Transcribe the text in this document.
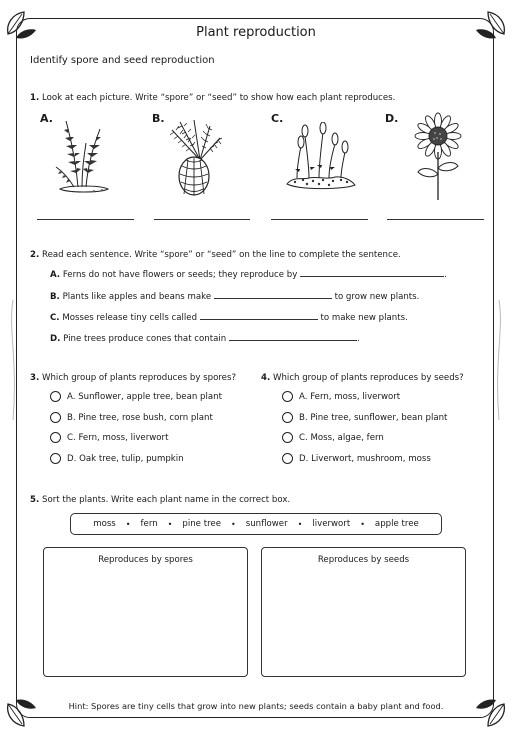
Plant reproduction
Identify spore and seed reproduction
1. Look at each picture. Write “spore” or “seed” to show how each plant reproduces.
A.	B.	C.	D.
2. Read each sentence. Write “spore” or “seed” on the line to complete the sentence.
A. Ferns do not have flowers or seeds; they reproduce by	.
B. Plants like apples and beans make	to grow new plants.
C. Mosses release tiny cells called	to make new plants.
D. Pine trees produce cones that contain	.
3. Which group of plants reproduces by spores?
A. Sunflower, apple tree, bean plant
B. Pine tree, rose bush, corn plant
C. Fern, moss, liverwort
D. Oak tree, tulip, pumpkin
4. Which group of plants reproduces by seeds?
A. Fern, moss, liverwort
B. Pine tree, sunflower, bean plant
C. Moss, algae, fern
D. Liverwort, mushroom, moss
5. Sort the plants. Write each plant name in the correct box.
moss • fern • pine tree • sunflower • liverwort • apple tree
Reproduces by spores	Reproduces by seeds
Hint: Spores are tiny cells that grow into new plants; seeds contain a baby plant and food.
